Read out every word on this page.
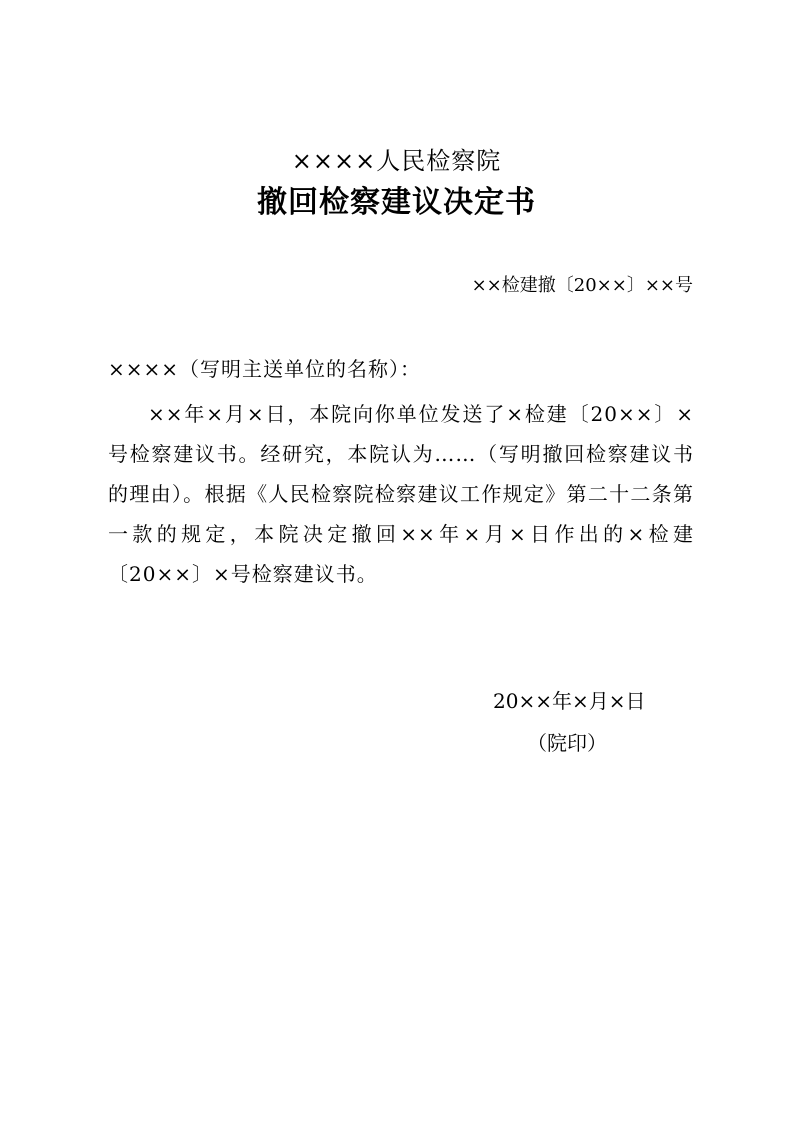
××××人民检察院
撤回检察建议决定书
××检建撤〔20××〕××号
××××（写明主送单位的名称）：

××年×月×日，本院向你单位发送了×检建〔20××〕×号检察建议书。经研究，本院认为……（写明撤回检察建议书的理由）。根据《人民检察院检察建议工作规定》第二十二条第一款的规定，本院决定撤回××年×月×日作出的×检建〔20××〕×号检察建议书。

20××年×月×日
（院印）
